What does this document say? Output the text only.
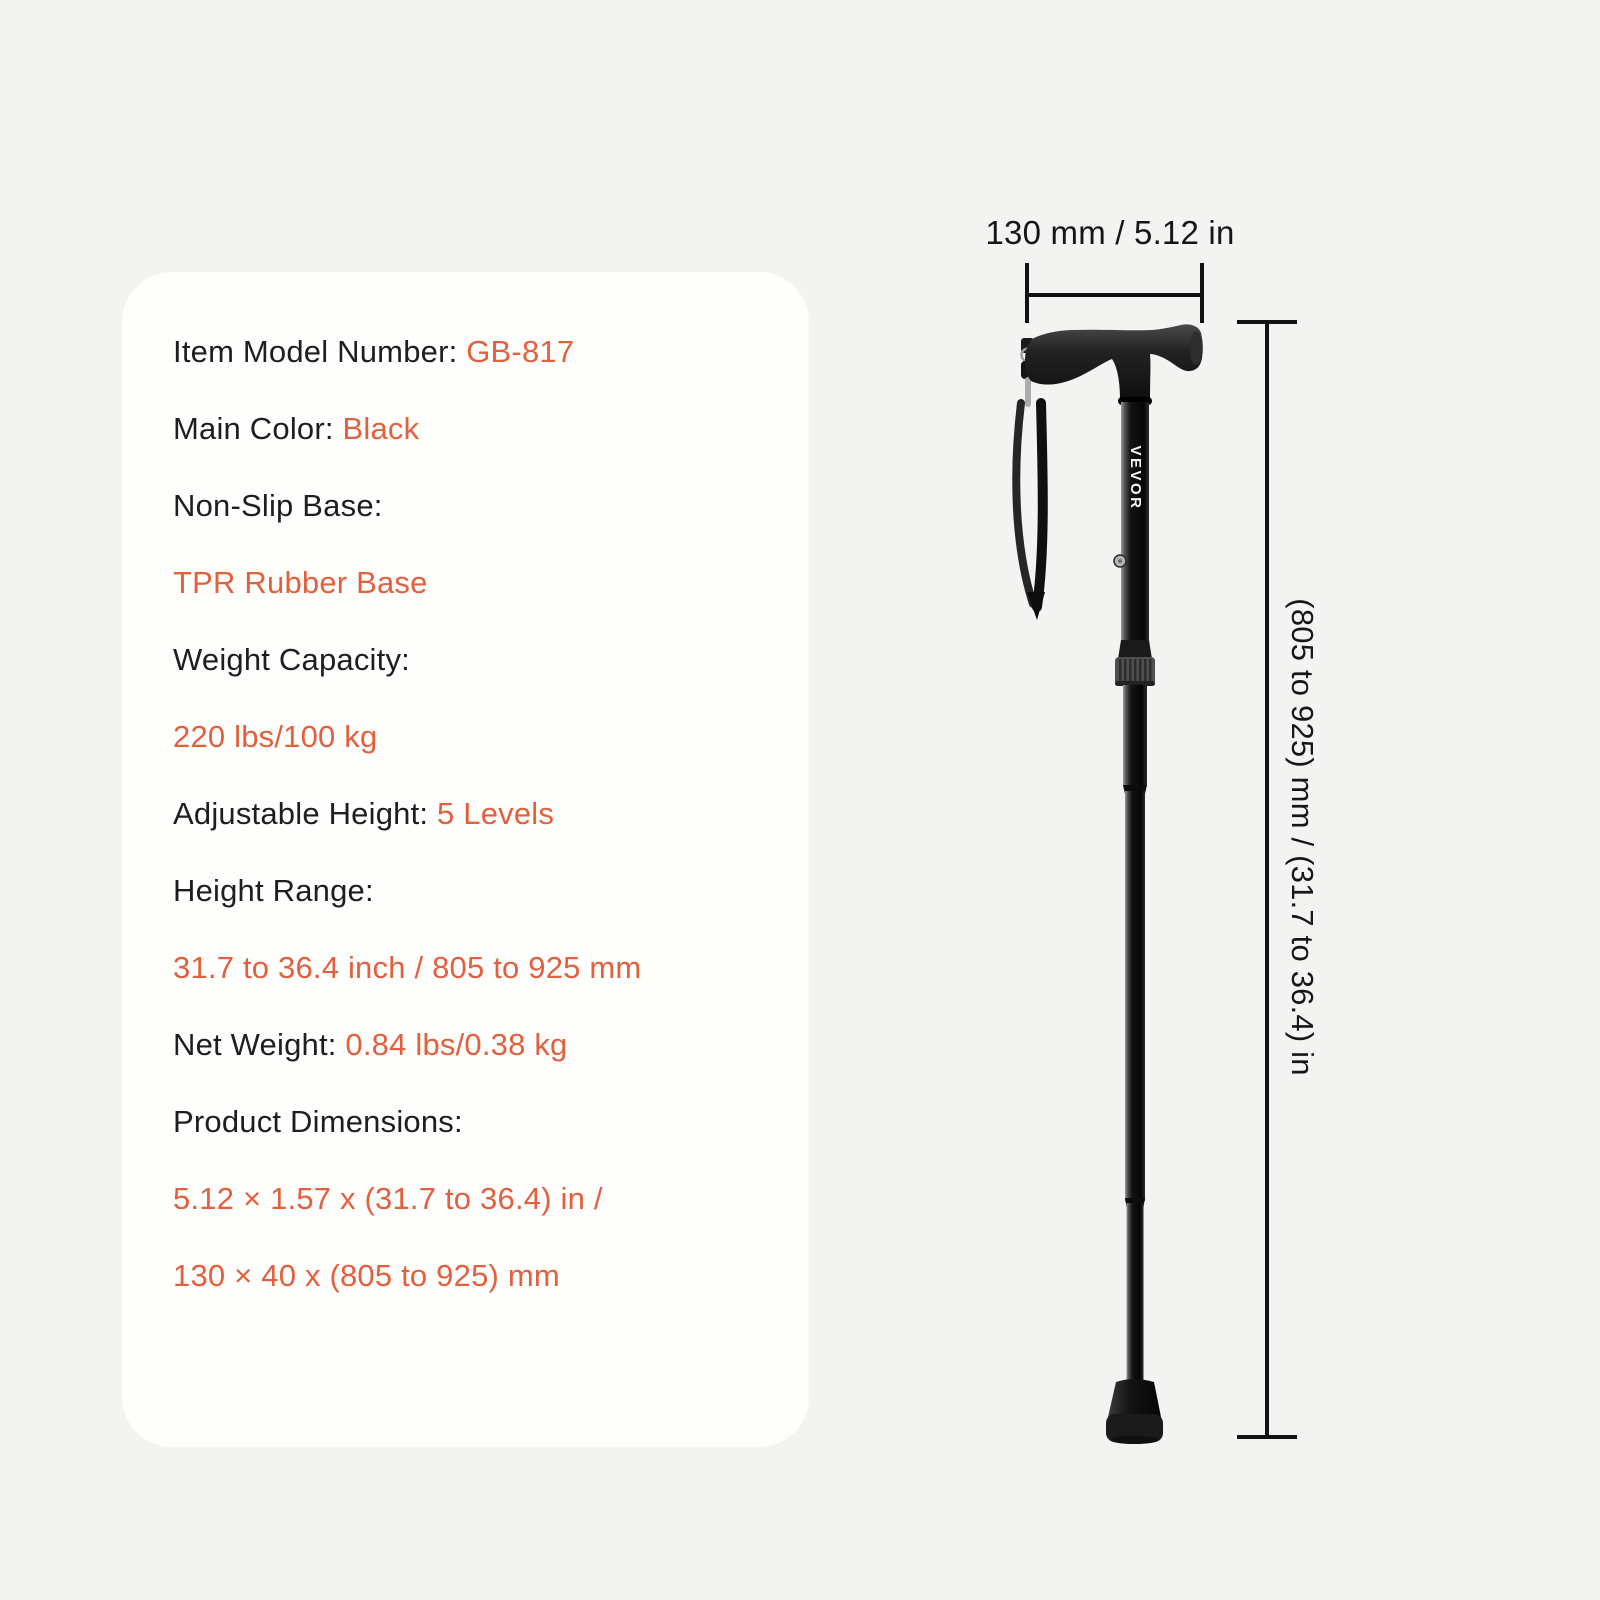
Item Model Number: GB-817
Main Color: Black
Non-Slip Base:
TPR Rubber Base
Weight Capacity:
220 lbs/100 kg
Adjustable Height: 5 Levels
Height Range:
31.7 to 36.4 inch / 805 to 925 mm
Net Weight: 0.84 lbs/0.38 kg
Product Dimensions:
5.12 × 1.57 x (31.7 to 36.4) in /
130 × 40 x (805 to 925) mm
130 mm / 5.12 in
(805 to 925) mm / (31.7 to 36.4) in
VEVOR
